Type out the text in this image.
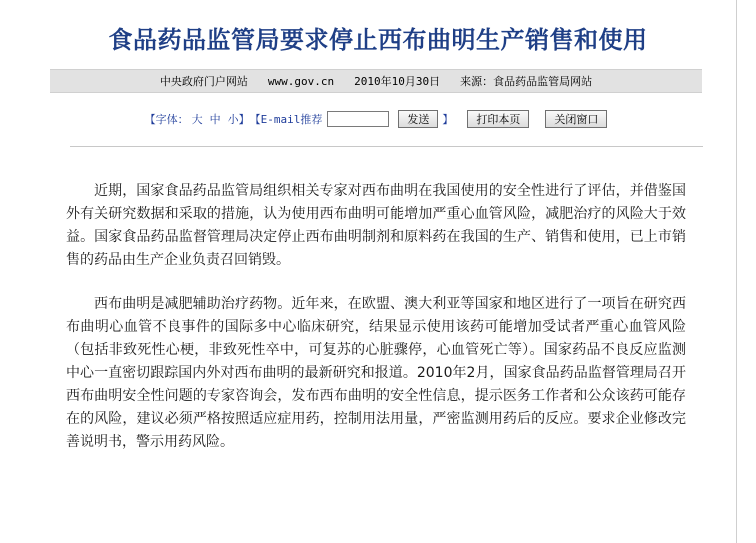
食品药品监管局要求停止西布曲明生产销售和使用
中央政府门户网站 www.gov.cn 2010年10月30日 来源：食品药品监管局网站
【字体： 大 中 小 】 【E-mail推荐	发送	】	打印本页	关闭窗口

近期，国家食品药品监管局组织相关专家对西布曲明在我国使用的安全性进行了评估，并借鉴国外有关研究数据和采取的措施，认为使用西布曲明可能增加严重心血管风险，减肥治疗的风险大于效益。国家食品药品监督管理局决定停止西布曲明制剂和原料药在我国的生产、销售和使用，已上市销售的药品由生产企业负责召回销毁。

西布曲明是减肥辅助治疗药物。近年来，在欧盟、澳大利亚等国家和地区进行了一项旨在研究西布曲明心血管不良事件的国际多中心临床研究，结果显示使用该药可能增加受试者严重心血管风险（包括非致死性心梗，非致死性卒中，可复苏的心脏骤停，心血管死亡等）。国家药品不良反应监测中心一直密切跟踪国内外对西布曲明的最新研究和报道。2010年2月，国家食品药品监督管理局召开西布曲明安全性问题的专家咨询会，发布西布曲明的安全性信息，提示医务工作者和公众该药可能存在的风险，建议必须严格按照适应症用药，控制用法用量，严密监测用药后的反应。要求企业修改完善说明书，警示用药风险。
